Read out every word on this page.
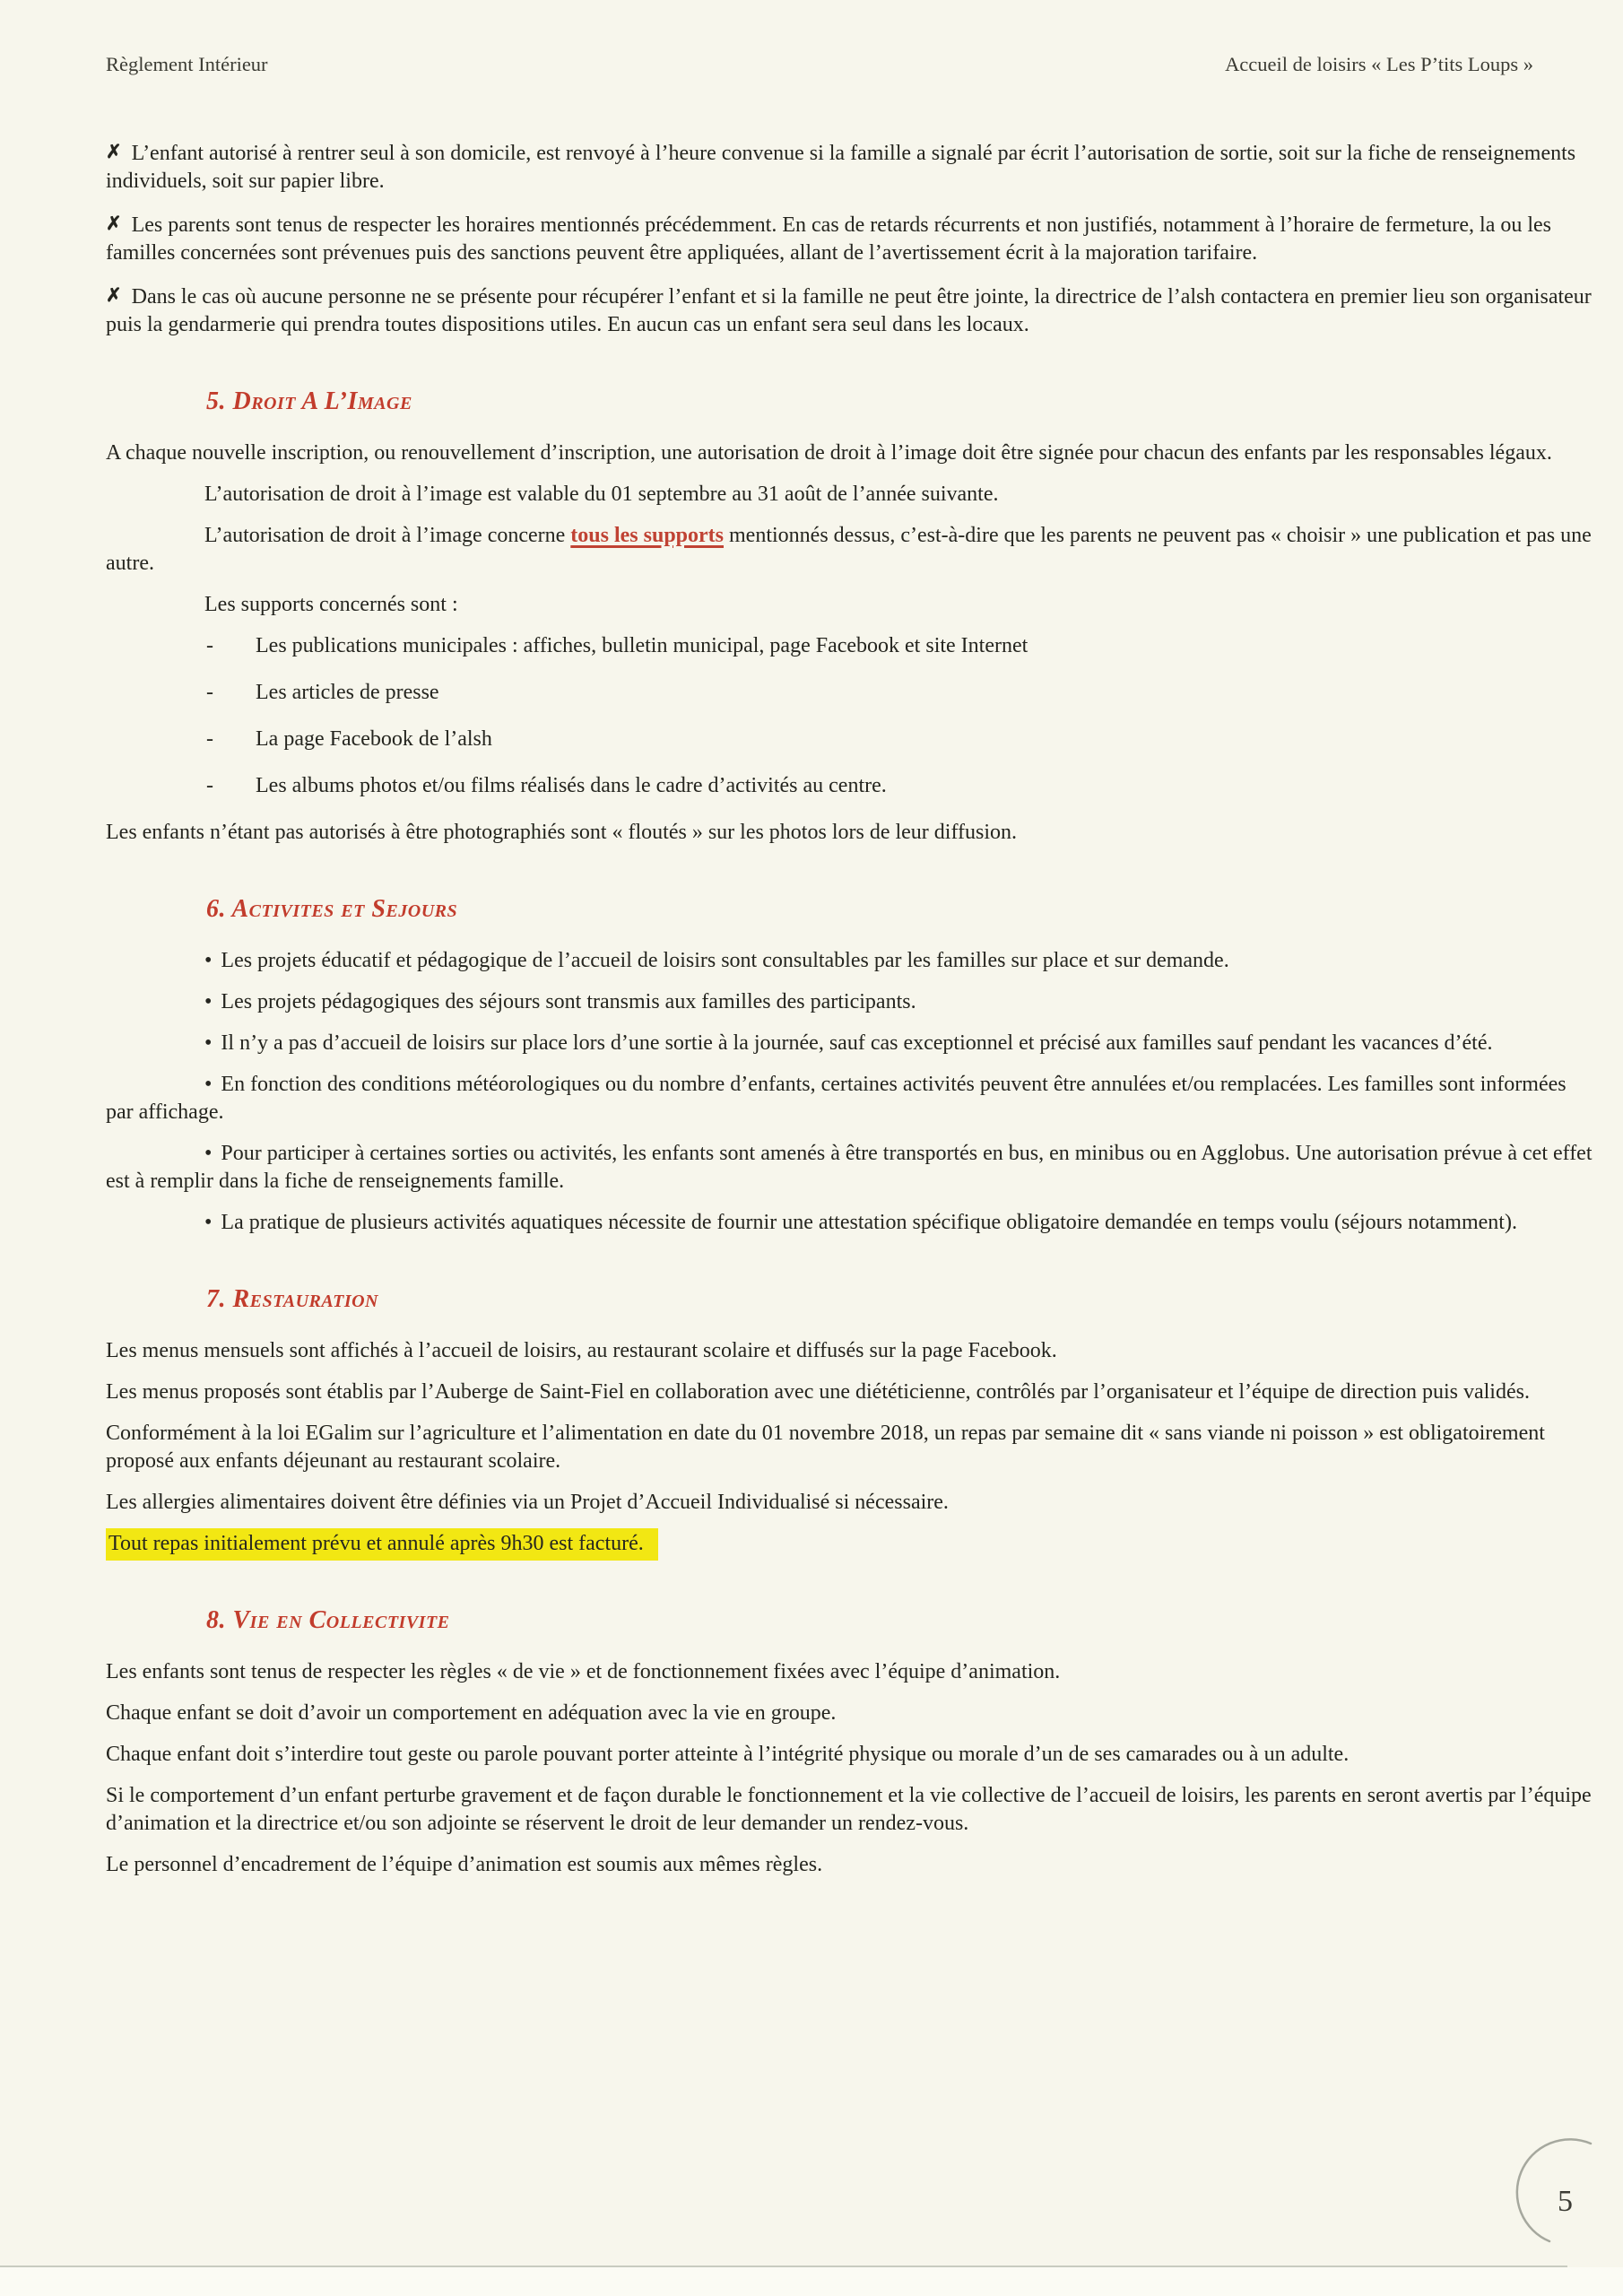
Règlement Intérieur	Accueil de loisirs « Les P’tits Loups »

✗ L’enfant autorisé à rentrer seul à son domicile, est renvoyé à l’heure convenue si la famille a signalé par écrit l’autorisation de sortie, soit sur la fiche de renseignements individuels, soit sur papier libre.

✗ Les parents sont tenus de respecter les horaires mentionnés précédemment. En cas de retards récurrents et non justifiés, notamment à l’horaire de fermeture, la ou les familles concernées sont prévenues puis des sanctions peuvent être appliquées, allant de l’avertissement écrit à la majoration tarifaire.

✗ Dans le cas où aucune personne ne se présente pour récupérer l’enfant et si la famille ne peut être jointe, la directrice de l’alsh contactera en premier lieu son organisateur puis la gendarmerie qui prendra toutes dispositions utiles. En aucun cas un enfant sera seul dans les locaux.

5. Droit A L’Image

A chaque nouvelle inscription, ou renouvellement d’inscription, une autorisation de droit à l’image doit être signée pour chacun des enfants par les responsables légaux.

L’autorisation de droit à l’image est valable du 01 septembre au 31 août de l’année suivante.

L’autorisation de droit à l’image concerne tous les supports mentionnés dessus, c’est-à-dire que les parents ne peuvent pas « choisir » une publication et pas une autre.

Les supports concernés sont :

- Les publications municipales : affiches, bulletin municipal, page Facebook et site Internet
- Les articles de presse
- La page Facebook de l’alsh
- Les albums photos et/ou films réalisés dans le cadre d’activités au centre.

Les enfants n’étant pas autorisés à être photographiés sont « floutés » sur les photos lors de leur diffusion.

6. Activites et Sejours

• Les projets éducatif et pédagogique de l’accueil de loisirs sont consultables par les familles sur place et sur demande.

• Les projets pédagogiques des séjours sont transmis aux familles des participants.

• Il n’y a pas d’accueil de loisirs sur place lors d’une sortie à la journée, sauf cas exceptionnel et précisé aux familles sauf pendant les vacances d’été.

• En fonction des conditions météorologiques ou du nombre d’enfants, certaines activités peuvent être annulées et/ou remplacées. Les familles sont informées par affichage.

• Pour participer à certaines sorties ou activités, les enfants sont amenés à être transportés en bus, en minibus ou en Agglobus. Une autorisation prévue à cet effet est à remplir dans la fiche de renseignements famille.

• La pratique de plusieurs activités aquatiques nécessite de fournir une attestation spécifique obligatoire demandée en temps voulu (séjours notamment).

7. Restauration

Les menus mensuels sont affichés à l’accueil de loisirs, au restaurant scolaire et diffusés sur la page Facebook.

Les menus proposés sont établis par l’Auberge de Saint-Fiel en collaboration avec une diététicienne, contrôlés par l’organisateur et l’équipe de direction puis validés.

Conformément à la loi EGalim sur l’agriculture et l’alimentation en date du 01 novembre 2018, un repas par semaine dit « sans viande ni poisson » est obligatoirement proposé aux enfants déjeunant au restaurant scolaire.

Les allergies alimentaires doivent être définies via un Projet d’Accueil Individualisé si nécessaire.

Tout repas initialement prévu et annulé après 9h30 est facturé.

8. Vie en Collectivite

Les enfants sont tenus de respecter les règles « de vie » et de fonctionnement fixées avec l’équipe d’animation.

Chaque enfant se doit d’avoir un comportement en adéquation avec la vie en groupe.

Chaque enfant doit s’interdire tout geste ou parole pouvant porter atteinte à l’intégrité physique ou morale d’un de ses camarades ou à un adulte.

Si le comportement d’un enfant perturbe gravement et de façon durable le fonctionnement et la vie collective de l’accueil de loisirs, les parents en seront avertis par l’équipe d’animation et la directrice et/ou son adjointe se réservent le droit de leur demander un rendez-vous.

Le personnel d’encadrement de l’équipe d’animation est soumis aux mêmes règles.

5
